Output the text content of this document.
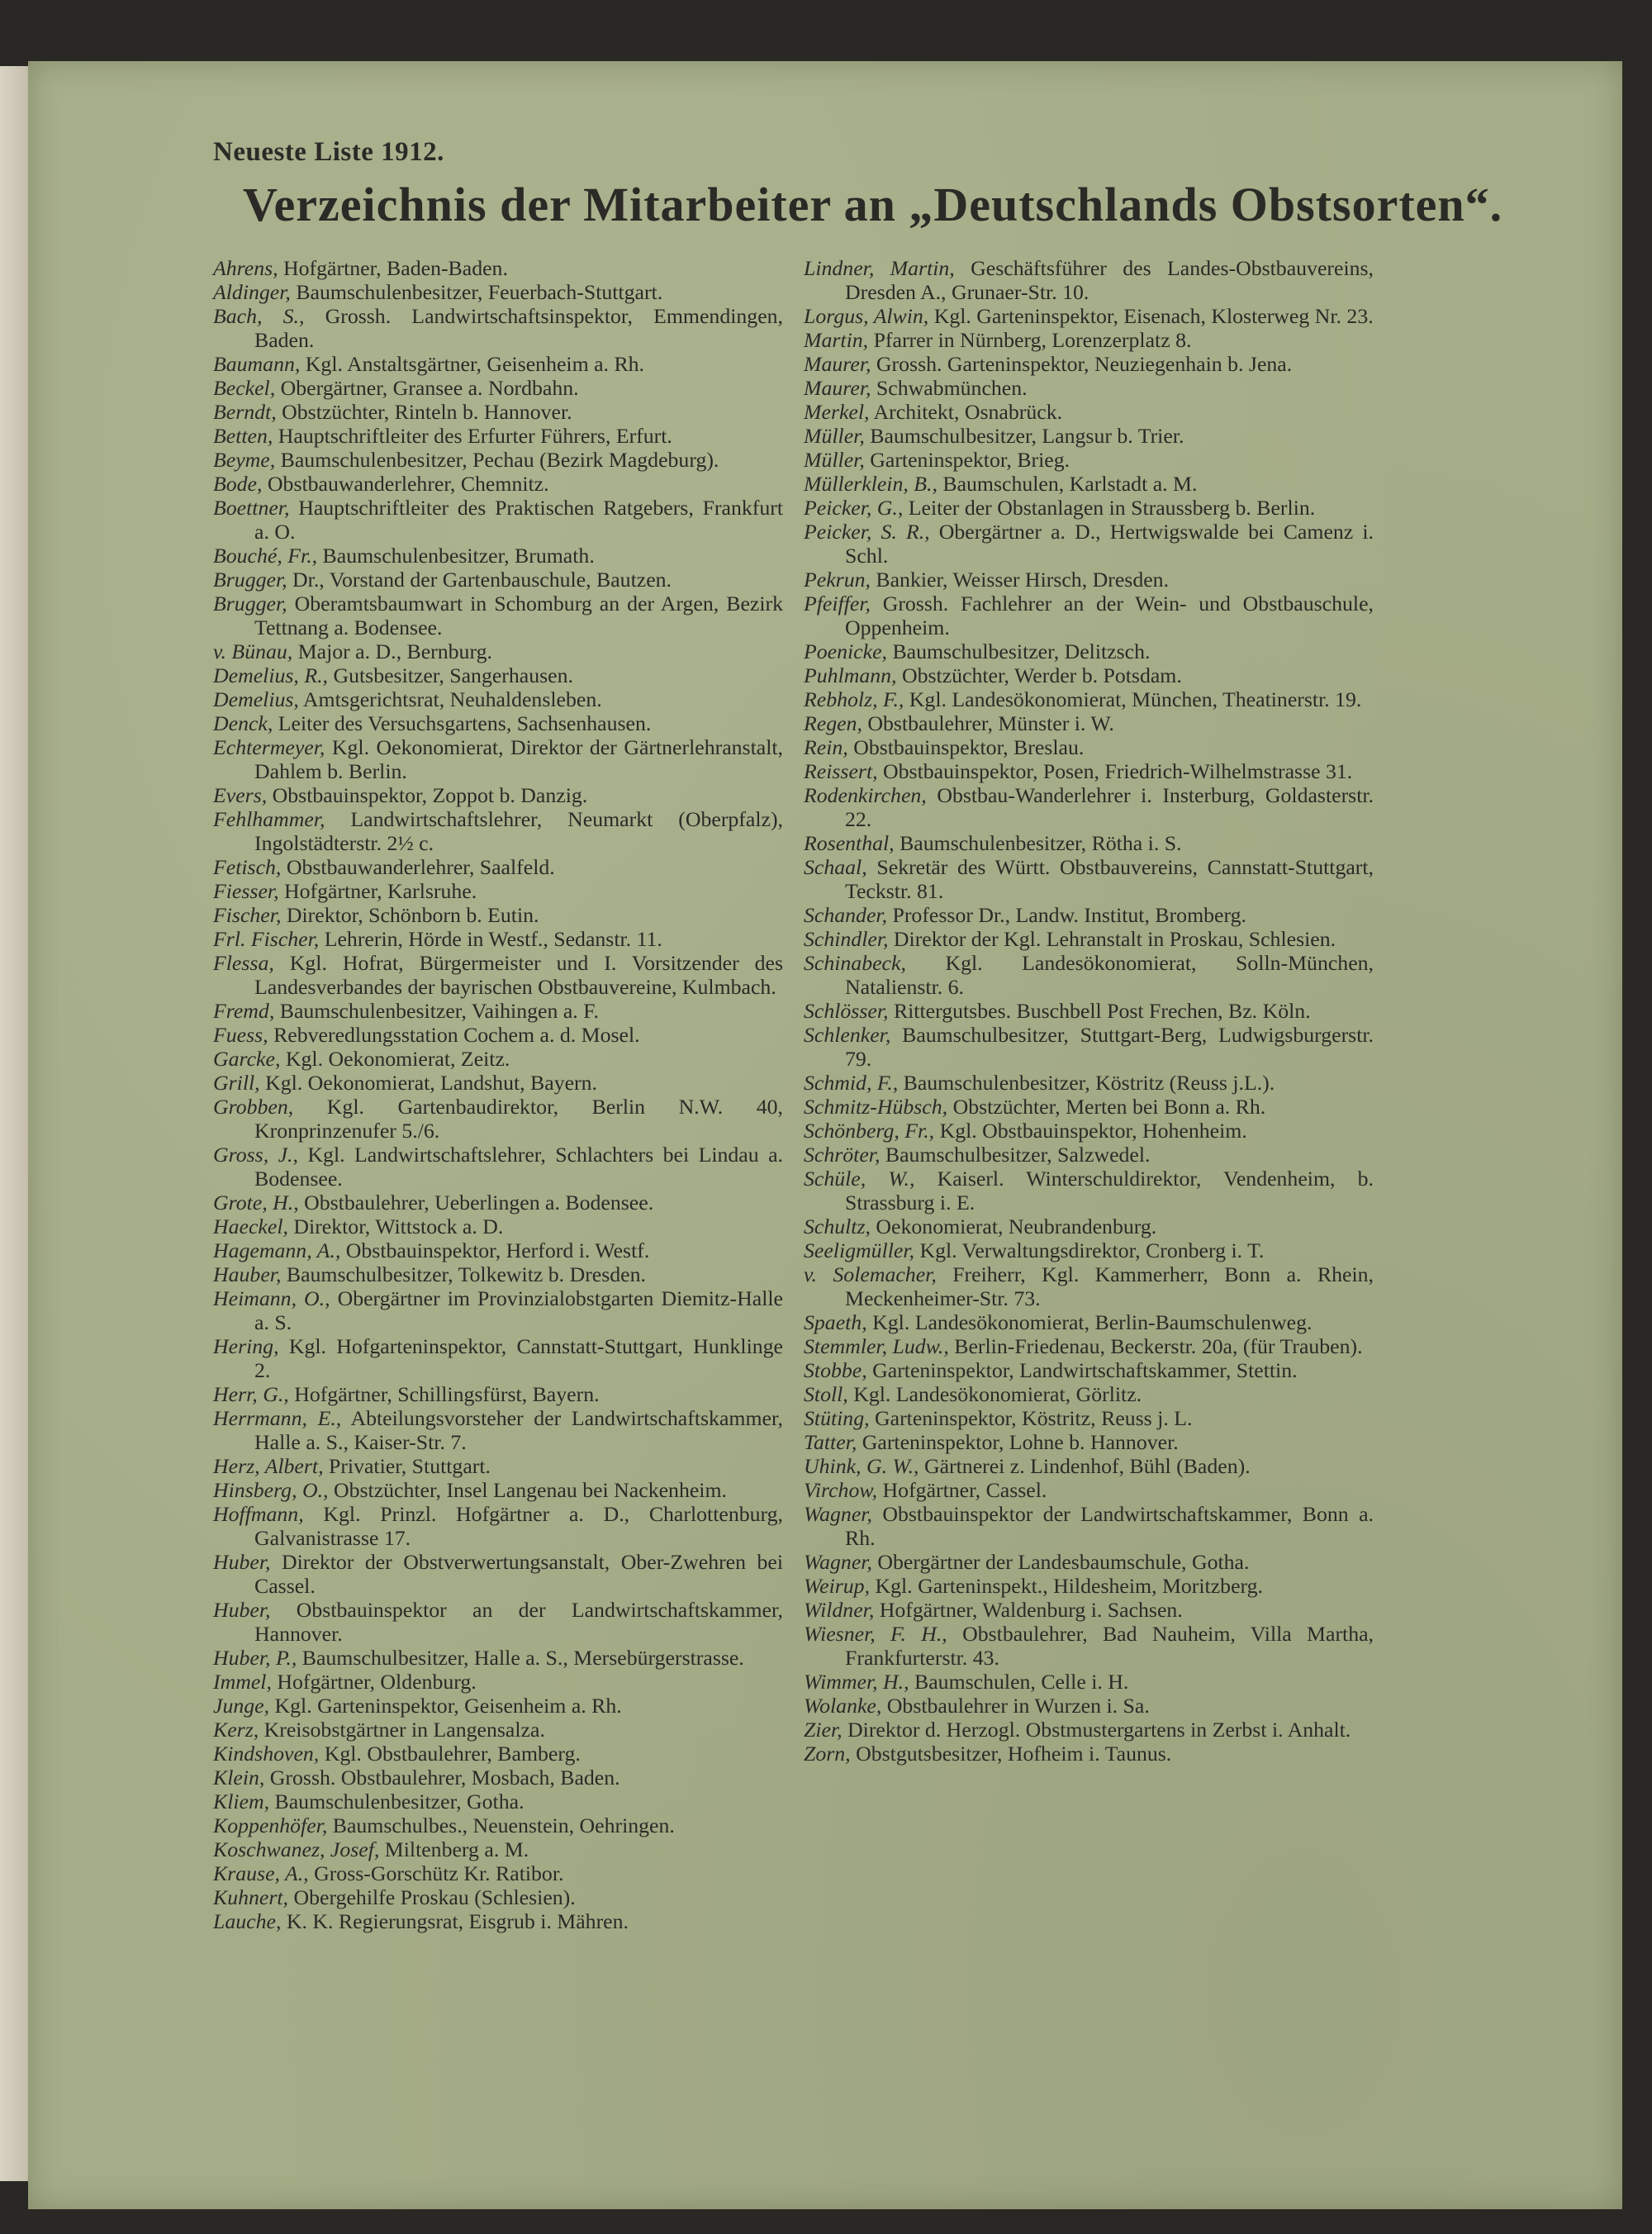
Neueste Liste 1912.
Verzeichnis der Mitarbeiter an „Deutschlands Obstsorten“.

Ahrens, Hofgärtner, Baden-Baden.

Aldinger, Baumschulenbesitzer, Feuerbach-Stuttgart.

Bach, S., Grossh. Landwirtschaftsinspektor, Emmendingen, Baden.

Baumann, Kgl. Anstaltsgärtner, Geisenheim a. Rh.

Beckel, Obergärtner, Gransee a. Nordbahn.

Berndt, Obstzüchter, Rinteln b. Hannover.

Betten, Hauptschriftleiter des Erfurter Führers, Erfurt.

Beyme, Baumschulenbesitzer, Pechau (Bezirk Magdeburg).

Bode, Obstbauwanderlehrer, Chemnitz.

Boettner, Hauptschriftleiter des Praktischen Ratgebers, Frankfurt a. O.

Bouché, Fr., Baumschulenbesitzer, Brumath.

Brugger, Dr., Vorstand der Gartenbauschule, Bautzen.

Brugger, Oberamtsbaumwart in Schomburg an der Argen, Bezirk Tettnang a. Bodensee.

v. Bünau, Major a. D., Bernburg.

Demelius, R., Gutsbesitzer, Sangerhausen.

Demelius, Amtsgerichtsrat, Neuhaldensleben.

Denck, Leiter des Versuchsgartens, Sachsenhausen.

Echtermeyer, Kgl. Oekonomierat, Direktor der Gärtnerlehranstalt, Dahlem b. Berlin.

Evers, Obstbauinspektor, Zoppot b. Danzig.

Fehlhammer, Landwirtschaftslehrer, Neumarkt (Oberpfalz), Ingolstädterstr. 2½ c.

Fetisch, Obstbauwanderlehrer, Saalfeld.

Fiesser, Hofgärtner, Karlsruhe.

Fischer, Direktor, Schönborn b. Eutin.

Frl. Fischer, Lehrerin, Hörde in Westf., Sedanstr. 11.

Flessa, Kgl. Hofrat, Bürgermeister und I. Vorsitzender des Landesverbandes der bayrischen Obstbauvereine, Kulmbach.

Fremd, Baumschulenbesitzer, Vaihingen a. F.

Fuess, Rebveredlungsstation Cochem a. d. Mosel.

Garcke, Kgl. Oekonomierat, Zeitz.

Grill, Kgl. Oekonomierat, Landshut, Bayern.

Grobben, Kgl. Gartenbaudirektor, Berlin N.W. 40, Kronprinzenufer 5./6.

Gross, J., Kgl. Landwirtschaftslehrer, Schlachters bei Lindau a. Bodensee.

Grote, H., Obstbaulehrer, Ueberlingen a. Bodensee.

Haeckel, Direktor, Wittstock a. D.

Hagemann, A., Obstbauinspektor, Herford i. Westf.

Hauber, Baumschulbesitzer, Tolkewitz b. Dresden.

Heimann, O., Obergärtner im Provinzialobstgarten Diemitz-Halle a. S.

Hering, Kgl. Hofgarteninspektor, Cannstatt-Stuttgart, Hunklinge 2.

Herr, G., Hofgärtner, Schillingsfürst, Bayern.

Herrmann, E., Abteilungsvorsteher der Landwirtschaftskammer, Halle a. S., Kaiser-Str. 7.

Herz, Albert, Privatier, Stuttgart.

Hinsberg, O., Obstzüchter, Insel Langenau bei Nackenheim.

Hoffmann, Kgl. Prinzl. Hofgärtner a. D., Charlottenburg, Galvanistrasse 17.

Huber, Direktor der Obstverwertungsanstalt, Ober-Zwehren bei Cassel.

Huber, Obstbauinspektor an der Landwirtschaftskammer, Hannover.

Huber, P., Baumschulbesitzer, Halle a. S., Mersebürgerstrasse.

Immel, Hofgärtner, Oldenburg.

Junge, Kgl. Garteninspektor, Geisenheim a. Rh.

Kerz, Kreisobstgärtner in Langensalza.

Kindshoven, Kgl. Obstbaulehrer, Bamberg.

Klein, Grossh. Obstbaulehrer, Mosbach, Baden.

Kliem, Baumschulenbesitzer, Gotha.

Koppenhöfer, Baumschulbes., Neuenstein, Oehringen.

Koschwanez, Josef, Miltenberg a. M.

Krause, A., Gross-Gorschütz Kr. Ratibor.

Kuhnert, Obergehilfe Proskau (Schlesien).

Lauche, K. K. Regierungsrat, Eisgrub i. Mähren.

Lindner, Martin, Geschäftsführer des Landes-Obstbauvereins, Dresden A., Grunaer-Str. 10.

Lorgus, Alwin, Kgl. Garteninspektor, Eisenach, Klosterweg Nr. 23.

Martin, Pfarrer in Nürnberg, Lorenzerplatz 8.

Maurer, Grossh. Garteninspektor, Neuziegenhain b. Jena.

Maurer, Schwabmünchen.

Merkel, Architekt, Osnabrück.

Müller, Baumschulbesitzer, Langsur b. Trier.

Müller, Garteninspektor, Brieg.

Müllerklein, B., Baumschulen, Karlstadt a. M.

Peicker, G., Leiter der Obstanlagen in Straussberg b. Berlin.

Peicker, S. R., Obergärtner a. D., Hertwigswalde bei Camenz i. Schl.

Pekrun, Bankier, Weisser Hirsch, Dresden.

Pfeiffer, Grossh. Fachlehrer an der Wein- und Obstbauschule, Oppenheim.

Poenicke, Baumschulbesitzer, Delitzsch.

Puhlmann, Obstzüchter, Werder b. Potsdam.

Rebholz, F., Kgl. Landesökonomierat, München, Theatinerstr. 19.

Regen, Obstbaulehrer, Münster i. W.

Rein, Obstbauinspektor, Breslau.

Reissert, Obstbauinspektor, Posen, Friedrich-Wilhelmstrasse 31.

Rodenkirchen, Obstbau-Wanderlehrer i. Insterburg, Goldasterstr. 22.

Rosenthal, Baumschulenbesitzer, Rötha i. S.

Schaal, Sekretär des Württ. Obstbauvereins, Cannstatt-Stuttgart, Teckstr. 81.

Schander, Professor Dr., Landw. Institut, Bromberg.

Schindler, Direktor der Kgl. Lehranstalt in Proskau, Schlesien.

Schinabeck, Kgl. Landesökonomierat, Solln-München, Natalienstr. 6.

Schlösser, Rittergutsbes. Buschbell Post Frechen, Bz. Köln.

Schlenker, Baumschulbesitzer, Stuttgart-Berg, Ludwigsburgerstr. 79.

Schmid, F., Baumschulenbesitzer, Köstritz (Reuss j.L.).

Schmitz-Hübsch, Obstzüchter, Merten bei Bonn a. Rh.

Schönberg, Fr., Kgl. Obstbauinspektor, Hohenheim.

Schröter, Baumschulbesitzer, Salzwedel.

Schüle, W., Kaiserl. Winterschuldirektor, Vendenheim, b. Strassburg i. E.

Schultz, Oekonomierat, Neubrandenburg.

Seeligmüller, Kgl. Verwaltungsdirektor, Cronberg i. T.

v. Solemacher, Freiherr, Kgl. Kammerherr, Bonn a. Rhein, Meckenheimer-Str. 73.

Spaeth, Kgl. Landesökonomierat, Berlin-Baumschulenweg.

Stemmler, Ludw., Berlin-Friedenau, Beckerstr. 20a, (für Trauben).

Stobbe, Garteninspektor, Landwirtschaftskammer, Stettin.

Stoll, Kgl. Landesökonomierat, Görlitz.

Stüting, Garteninspektor, Köstritz, Reuss j. L.

Tatter, Garteninspektor, Lohne b. Hannover.

Uhink, G. W., Gärtnerei z. Lindenhof, Bühl (Baden).

Virchow, Hofgärtner, Cassel.

Wagner, Obstbauinspektor der Landwirtschaftskammer, Bonn a. Rh.

Wagner, Obergärtner der Landesbaumschule, Gotha.

Weirup, Kgl. Garteninspekt., Hildesheim, Moritzberg.

Wildner, Hofgärtner, Waldenburg i. Sachsen.

Wiesner, F. H., Obstbaulehrer, Bad Nauheim, Villa Martha, Frankfurterstr. 43.

Wimmer, H., Baumschulen, Celle i. H.

Wolanke, Obstbaulehrer in Wurzen i. Sa.

Zier, Direktor d. Herzogl. Obstmustergartens in Zerbst i. Anhalt.

Zorn, Obstgutsbesitzer, Hofheim i. Taunus.
